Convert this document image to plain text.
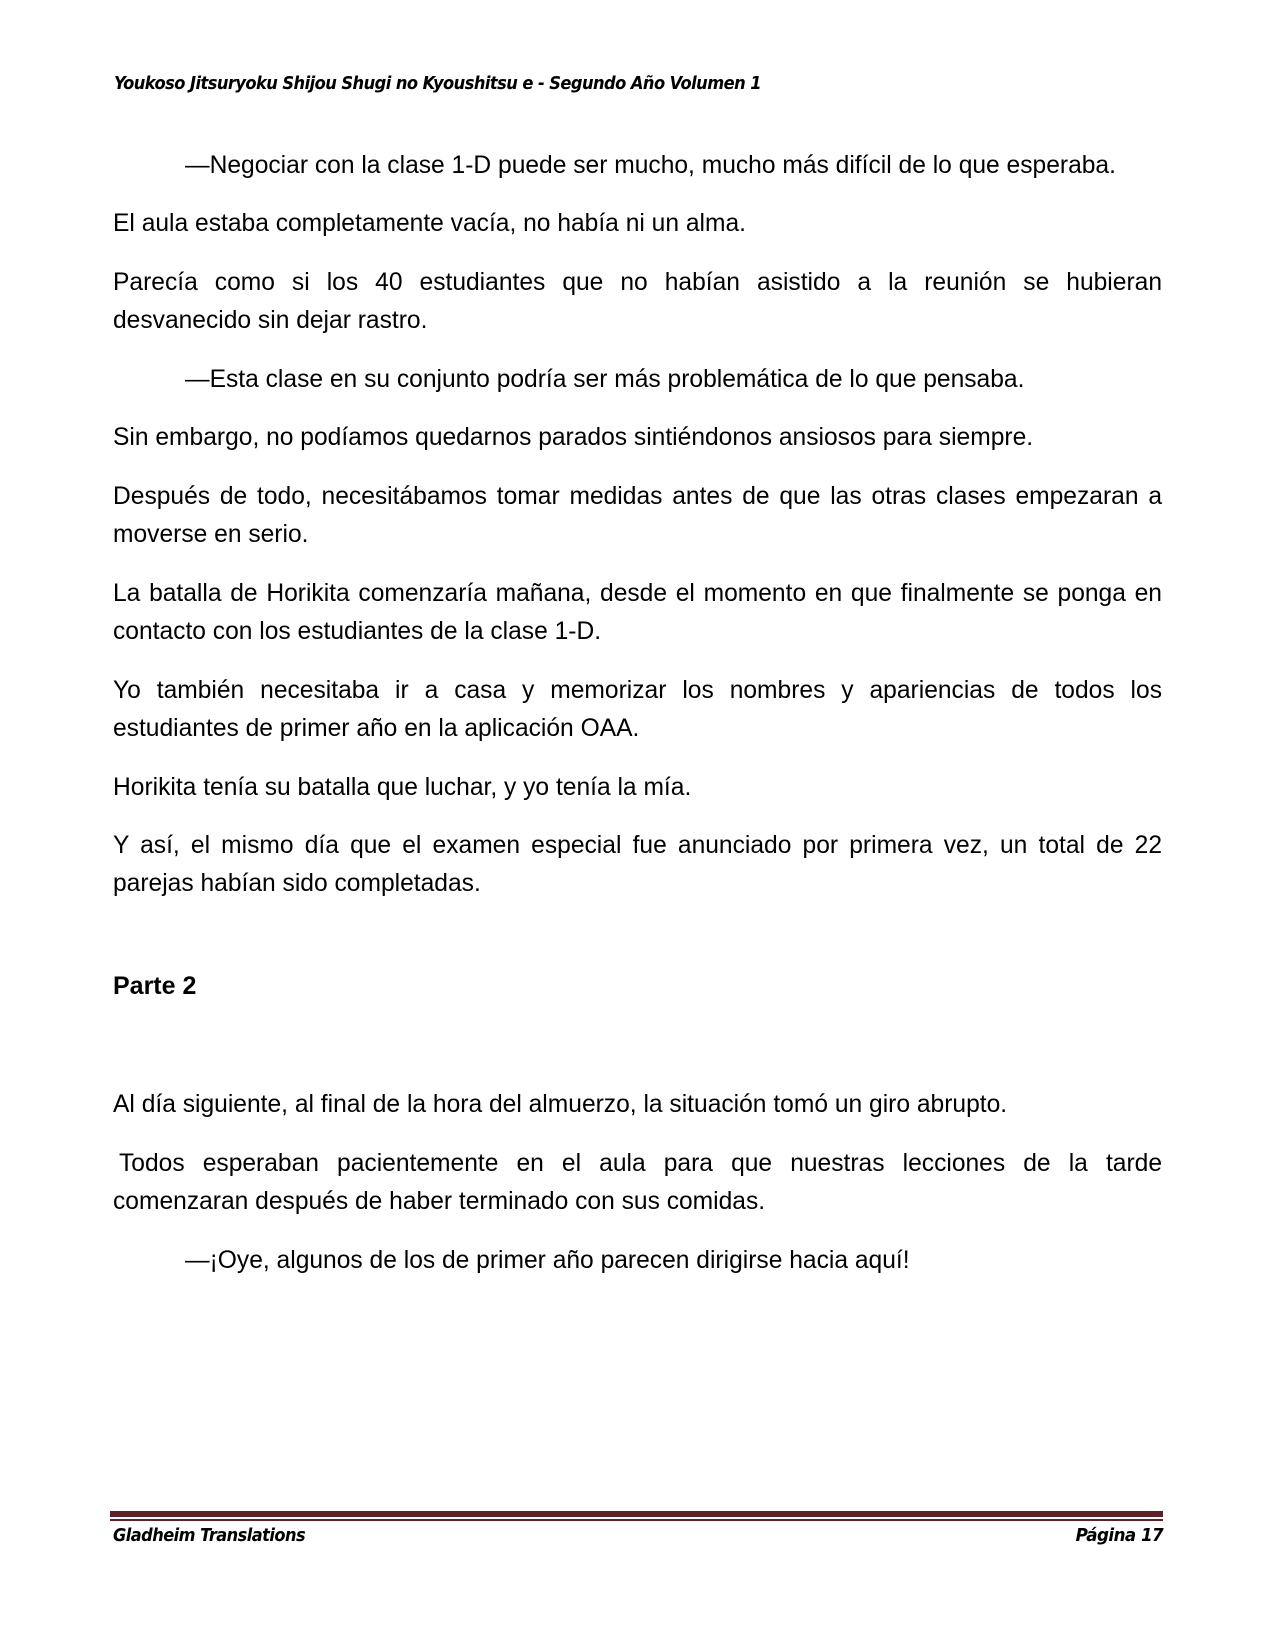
Youkoso Jitsuryoku Shijou Shugi no Kyoushitsu e - Segundo Año Volumen 1

—Negociar con la clase 1-D puede ser mucho, mucho más difícil de lo que esperaba.

El aula estaba completamente vacía, no había ni un alma.

Parecía como si los 40 estudiantes que no habían asistido a la reunión se hubieran desvanecido sin dejar rastro.

—Esta clase en su conjunto podría ser más problemática de lo que pensaba.

Sin embargo, no podíamos quedarnos parados sintiéndonos ansiosos para siempre.

Después de todo, necesitábamos tomar medidas antes de que las otras clases empezaran a moverse en serio.

La batalla de Horikita comenzaría mañana, desde el momento en que finalmente se ponga en contacto con los estudiantes de la clase 1-D.

Yo también necesitaba ir a casa y memorizar los nombres y apariencias de todos los estudiantes de primer año en la aplicación OAA.

Horikita tenía su batalla que luchar, y yo tenía la mía.

Y así, el mismo día que el examen especial fue anunciado por primera vez, un total de 22 parejas habían sido completadas.

Parte 2

Al día siguiente, al final de la hora del almuerzo, la situación tomó un giro abrupto.

Todos esperaban pacientemente en el aula para que nuestras lecciones de la tarde comenzaran después de haber terminado con sus comidas.

—¡Oye, algunos de los de primer año parecen dirigirse hacia aquí!

Gladheim Translations	Página 17
